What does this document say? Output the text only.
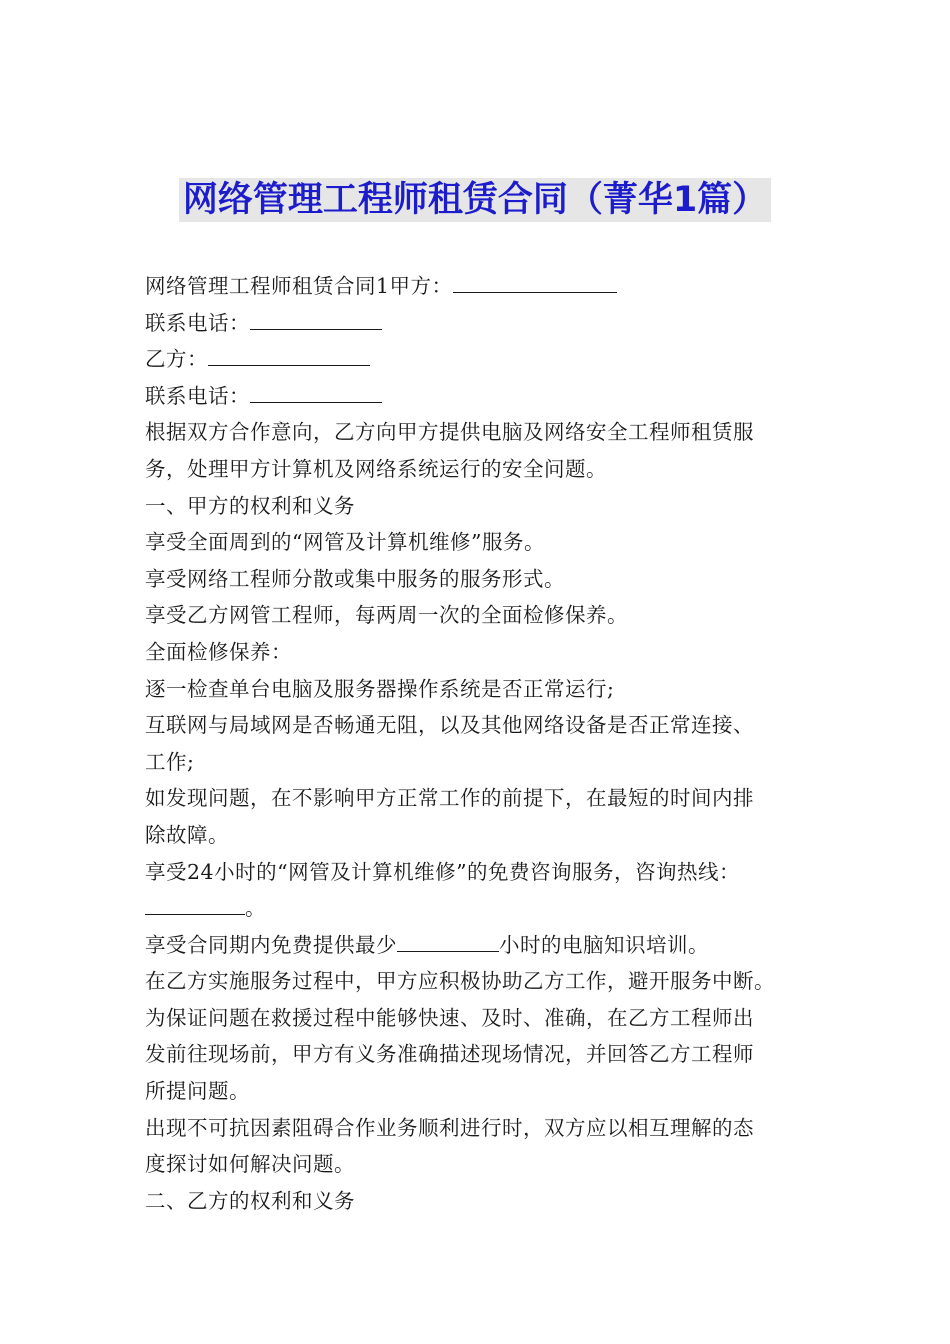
网络管理工程师租赁合同（菁华1篇）
网络管理工程师租赁合同1甲方：
联系电话：
乙方：
联系电话：
根据双方合作意向，乙方向甲方提供电脑及网络安全工程师租赁服
务，处理甲方计算机及网络系统运行的安全问题。
一、甲方的权利和义务
享受全面周到的“网管及计算机维修”服务。
享受网络工程师分散或集中服务的服务形式。
享受乙方网管工程师，每两周一次的全面检修保养。
全面检修保养：
逐一检查单台电脑及服务器操作系统是否正常运行;
互联网与局域网是否畅通无阻，以及其他网络设备是否正常连接、
工作;
如发现问题，在不影响甲方正常工作的前提下，在最短的时间内排
除故障。
享受24小时的“网管及计算机维修”的免费咨询服务，咨询热线：
。
享受合同期内免费提供最少	小时的电脑知识培训。
在乙方实施服务过程中，甲方应积极协助乙方工作，避开服务中断。
为保证问题在救援过程中能够快速、及时、准确，在乙方工程师出
发前往现场前，甲方有义务准确描述现场情况，并回答乙方工程师
所提问题。
出现不可抗因素阻碍合作业务顺利进行时，双方应以相互理解的态
度探讨如何解决问题。
二、乙方的权利和义务
